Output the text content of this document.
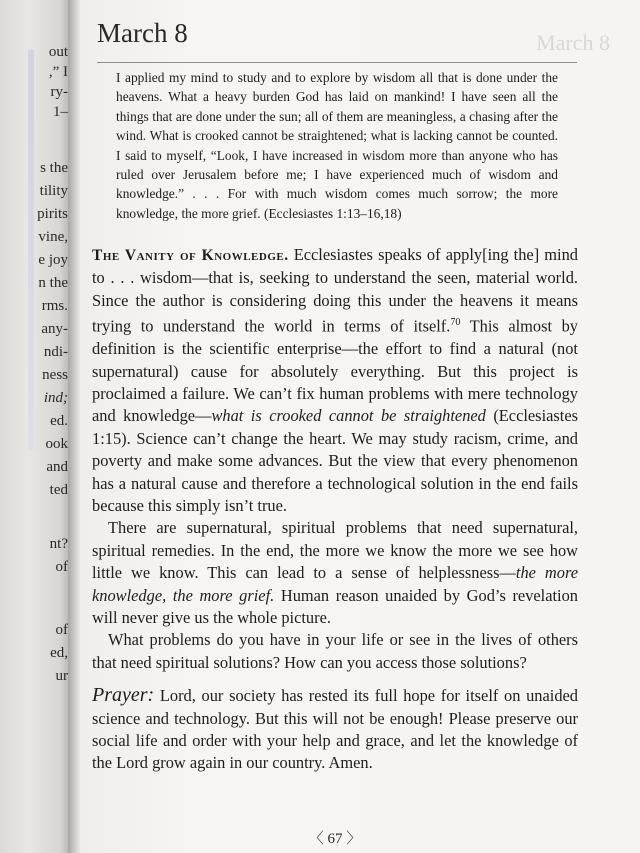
out
,” I
ry-
1–
s the
tility
pirits
vine,
e joy
n the
rms.
any-
ndi-
ness
ind;
ed.
ook
and
ted
nt?
of
of
ed,
ur
March 8
March 8

I applied my mind to study and to explore by wisdom all that is done under the heavens. What a heavy burden God has laid on mankind! I have seen all the things that are done under the sun; all of them are meaningless, a chasing after the wind. What is crooked cannot be straightened; what is lacking cannot be counted. I said to myself, “Look, I have increased in wisdom more than anyone who has ruled over Jerusalem before me; I have experienced much of wisdom and knowledge.” . . . For with much wisdom comes much sorrow; the more knowledge, the more grief. (Ecclesiastes 1:13–16,18)

The Vanity of Knowledge. Ecclesiastes speaks of apply[ing the] mind to . . . wisdom—that is, seeking to understand the seen, material world. Since the author is considering doing this under the heavens it means trying to understand the world in terms of itself.$^{70}$ This almost by definition is the scientific enterprise—the effort to find a natural (not supernatural) cause for absolutely everything. But this project is proclaimed a failure. We can’t fix human problems with mere technology and knowledge—what is crooked cannot be straightened (Ecclesiastes 1:15). Science can’t change the heart. We may study racism, crime, and poverty and make some advances. But the view that every phenomenon has a natural cause and therefore a technological solution in the end fails because this simply isn’t true.

There are supernatural, spiritual problems that need supernatural, spiritual remedies. In the end, the more we know the more we see how little we know. This can lead to a sense of helplessness—the more knowledge, the more grief. Human reason unaided by God’s revelation will never give us the whole picture.

What problems do you have in your life or see in the lives of others that need spiritual solutions? How can you access those solutions?

Prayer: Lord, our society has rested its full hope for itself on unaided science and technology. But this will not be enough! Please preserve our social life and order with your help and grace, and let the knowledge of the Lord grow again in our country. Amen.

〈 67 〉
